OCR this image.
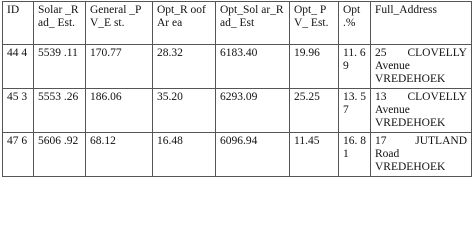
ID	Solar _Rad_ Est.	General _PV_E st.	Opt_R oofAr ea	Opt_Sol ar_Rad_ Est	Opt_ PV_ Est.	Opt .%	Full_Address
44 4	5539 .11	170.77	28.32	6183.40	19.96	11. 69	25 CLOVELLY Avenue VREDEHOEK
45 3	5553 .26	186.06	35.20	6293.09	25.25	13. 57	13 CLOVELLY Avenue VREDEHOEK
47 6	5606 .92	68.12	16.48	6096.94	11.45	16. 81	17 JUTLAND Road VREDEHOEK
